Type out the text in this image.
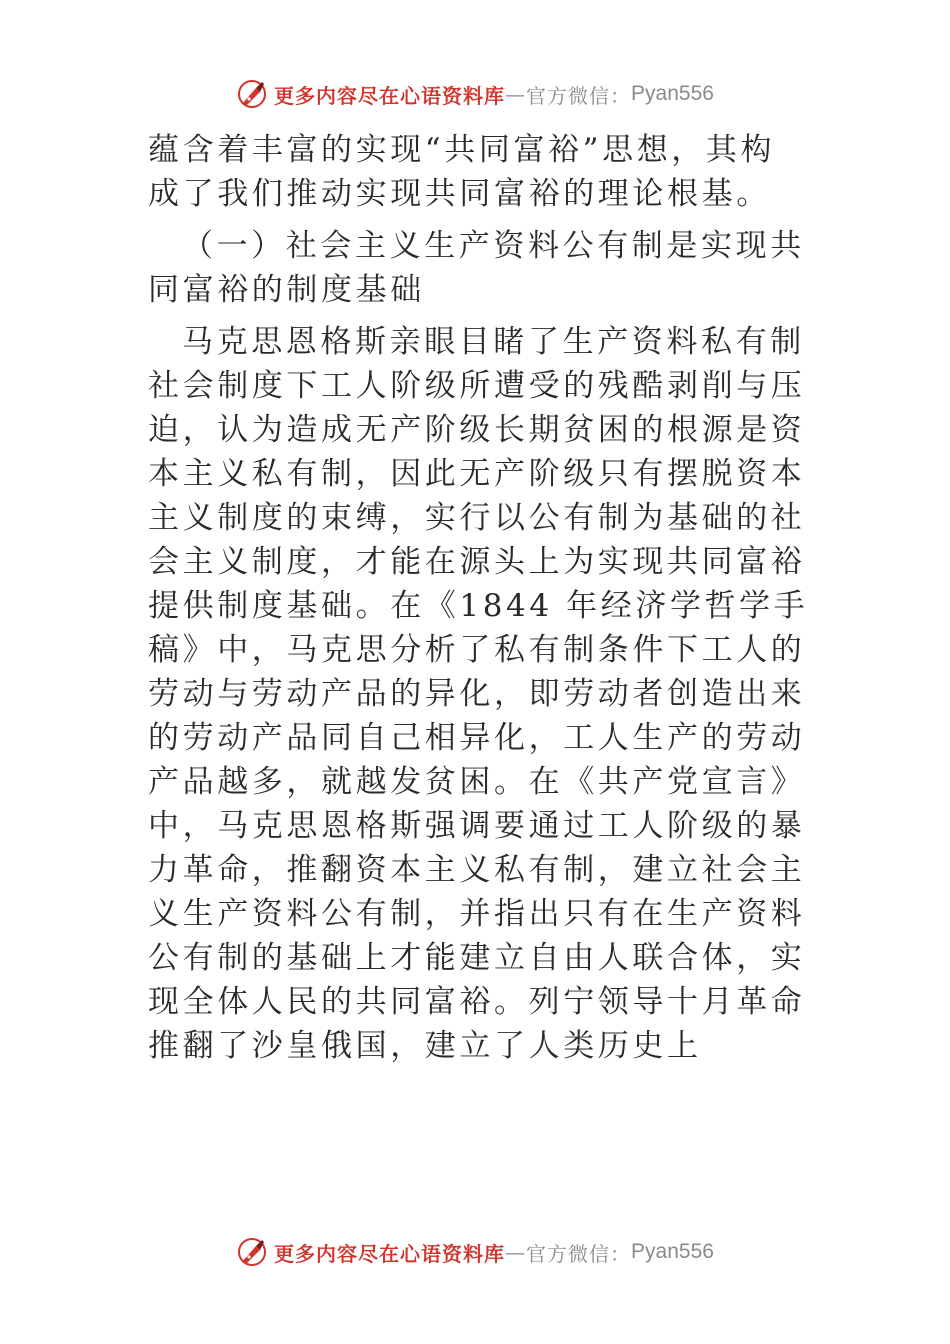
更多内容尽在心语资料库 — 官方微信： Pyan556

蕴含着丰富的实现“共同富裕”思想，其构
成了我们推动实现共同富裕的理论根基。

（一）社会主义生产资料公有制是实现共
同富裕的制度基础

马克思恩格斯亲眼目睹了生产资料私有制
社会制度下工人阶级所遭受的残酷剥削与压
迫，认为造成无产阶级长期贫困的根源是资
本主义私有制，因此无产阶级只有摆脱资本
主义制度的束缚，实行以公有制为基础的社
会主义制度，才能在源头上为实现共同富裕
提供制度基础。在《1844 年经济学哲学手
稿》中，马克思分析了私有制条件下工人的
劳动与劳动产品的异化，即劳动者创造出来
的劳动产品同自己相异化，工人生产的劳动
产品越多，就越发贫困。在《共产党宣言》
中，马克思恩格斯强调要通过工人阶级的暴
力革命，推翻资本主义私有制，建立社会主
义生产资料公有制，并指出只有在生产资料
公有制的基础上才能建立自由人联合体，实
现全体人民的共同富裕。列宁领导十月革命
推翻了沙皇俄国，建立了人类历史上

更多内容尽在心语资料库 — 官方微信： Pyan556
